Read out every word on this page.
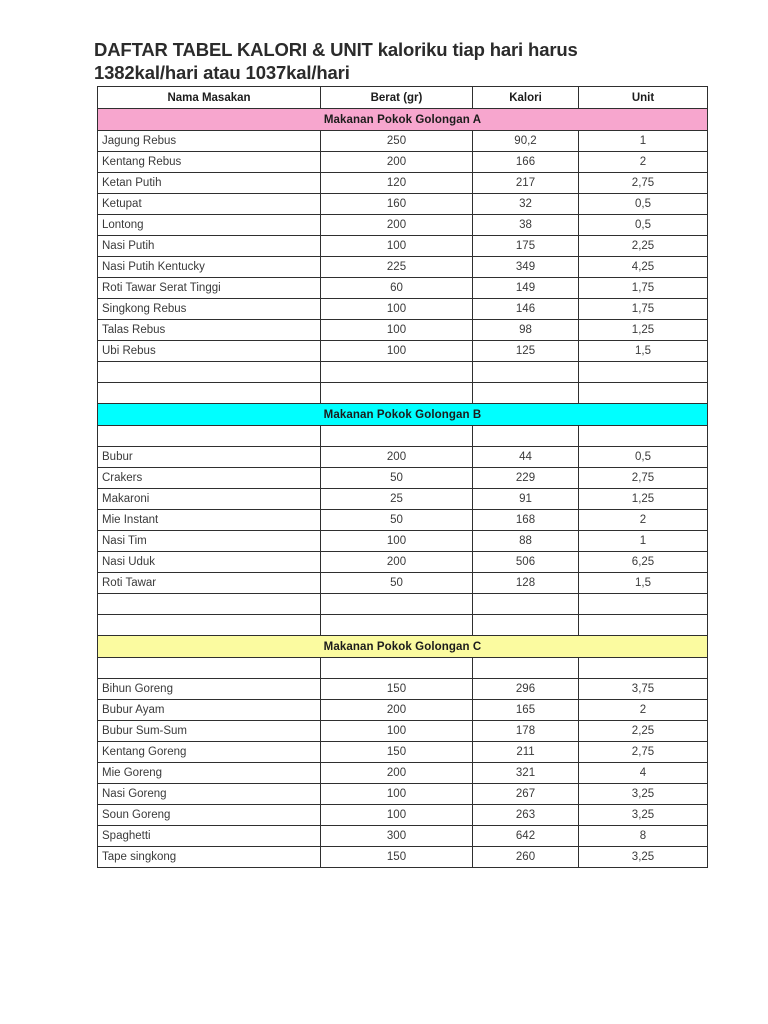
DAFTAR TABEL KALORI & UNIT kaloriku tiap hari harus
1382kal/hari atau 1037kal/hari
Nama Masakan	Berat (gr)	Kalori	Unit
Makanan Pokok Golongan A			
Jagung Rebus	250	90,2	1
Kentang Rebus	200	166	2
Ketan Putih	120	217	2,75
Ketupat	160	32	0,5
Lontong	200	38	0,5
Nasi Putih	100	175	2,25
Nasi Putih Kentucky	225	349	4,25
Roti Tawar Serat Tinggi	60	149	1,75
Singkong Rebus	100	146	1,75
Talas Rebus	100	98	1,25
Ubi Rebus	100	125	1,5

Makanan Pokok Golongan B			

Bubur	200	44	0,5
Crakers	50	229	2,75
Makaroni	25	91	1,25
Mie Instant	50	168	2
Nasi Tim	100	88	1
Nasi Uduk	200	506	6,25
Roti Tawar	50	128	1,5

Makanan Pokok Golongan C			

Bihun Goreng	150	296	3,75
Bubur Ayam	200	165	2
Bubur Sum-Sum	100	178	2,25
Kentang Goreng	150	211	2,75
Mie Goreng	200	321	4
Nasi Goreng	100	267	3,25
Soun Goreng	100	263	3,25
Spaghetti	300	642	8
Tape singkong	150	260	3,25
